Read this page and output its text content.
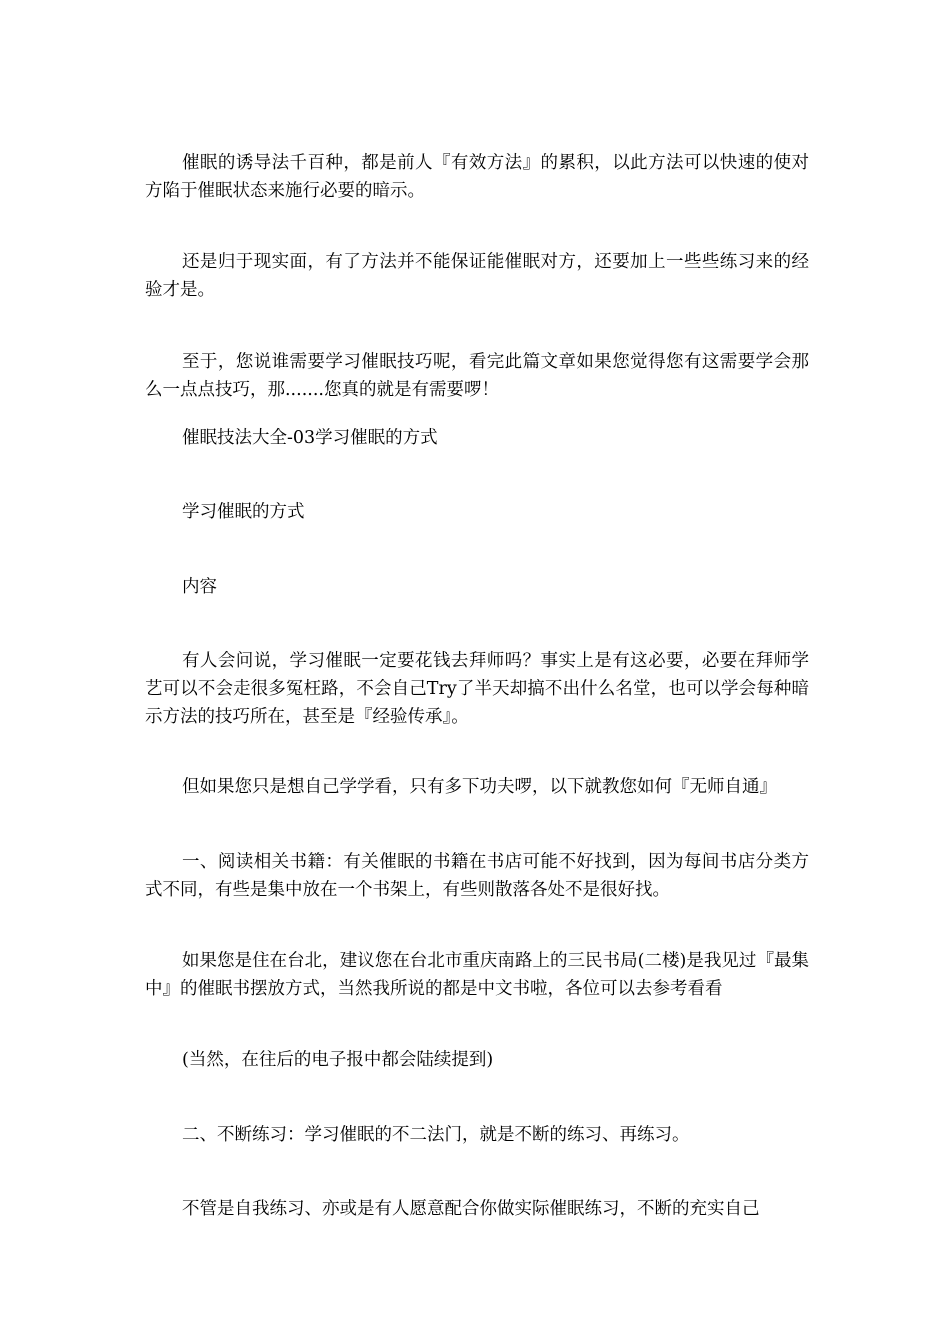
催眠的诱导法千百种，都是前人『有效方法』的累积，以此方法可以快速的使对方陷于催眠状态来施行必要的暗示。

还是归于现实面，有了方法并不能保证能催眠对方，还要加上一些些练习来的经验才是。

至于，您说谁需要学习催眠技巧呢，看完此篇文章如果您觉得您有这需要学会那么一点点技巧，那.......您真的就是有需要啰！

催眠技法大全-03学习催眠的方式

学习催眠的方式

内容

有人会问说，学习催眠一定要花钱去拜师吗？事实上是有这必要，必要在拜师学艺可以不会走很多冤枉路，不会自己Try了半天却搞不出什么名堂，也可以学会每种暗示方法的技巧所在，甚至是『经验传承』。

但如果您只是想自己学学看，只有多下功夫啰，以下就教您如何『无师自通』

一、阅读相关书籍：有关催眠的书籍在书店可能不好找到，因为每间书店分类方式不同，有些是集中放在一个书架上，有些则散落各处不是很好找。

如果您是住在台北，建议您在台北市重庆南路上的三民书局(二楼)是我见过『最集中』的催眠书摆放方式，当然我所说的都是中文书啦，各位可以去参考看看

(当然，在往后的电子报中都会陆续提到)

二、不断练习：学习催眠的不二法门，就是不断的练习、再练习。

不管是自我练习、亦或是有人愿意配合你做实际催眠练习，不断的充实自己
